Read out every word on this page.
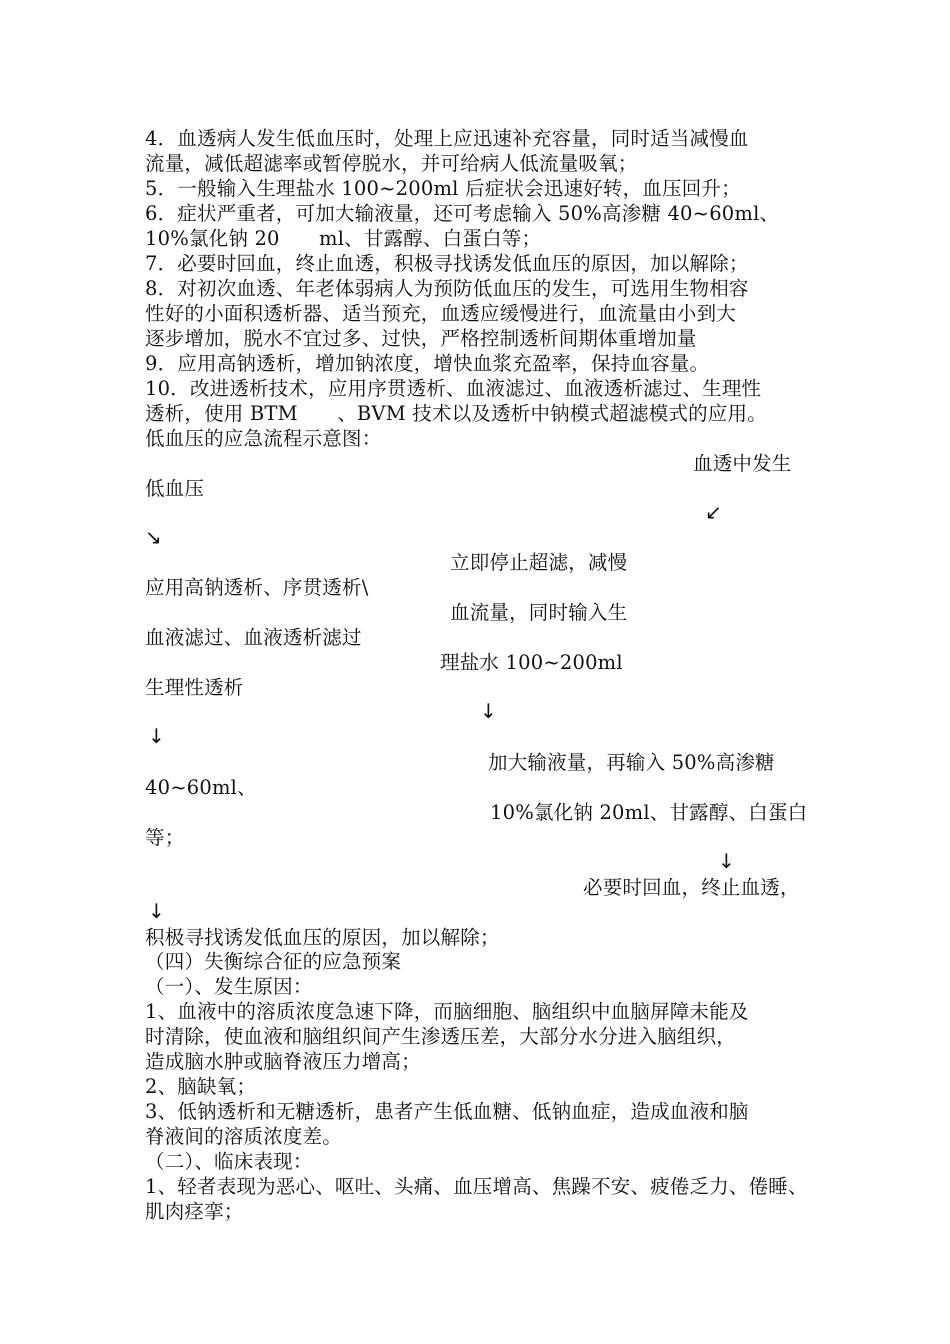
4．血透病人发生低血压时，处理上应迅速补充容量，同时适当减慢血
流量，减低超滤率或暂停脱水，并可给病人低流量吸氧；
5．一般输入生理盐水 100~200ml 后症状会迅速好转，血压回升；
6．症状严重者，可加大输液量，还可考虑输入 50%高渗糖 40~60ml、
10%氯化钠 20　　ml、甘露醇、白蛋白等；
7．必要时回血，终止血透，积极寻找诱发低血压的原因，加以解除；
8．对初次血透、年老体弱病人为预防低血压的发生，可选用生物相容
性好的小面积透析器、适当预充，血透应缓慢进行，血流量由小到大
逐步增加，脱水不宜过多、过快，严格控制透析间期体重增加量
9．应用高钠透析，增加钠浓度，增快血浆充盈率，保持血容量。
10．改进透析技术，应用序贯透析、血液滤过、血液透析滤过、生理性
透析，使用 BTM　　、BVM 技术以及透析中钠模式超滤模式的应用。
低血压的应急流程示意图：
血透中发生
低血压
↙
↘
立即停止超滤，减慢
应用高钠透析、序贯透析\
血流量，同时输入生
血液滤过、血液透析滤过
理盐水 100~200ml
生理性透析
↓
↓
加大输液量，再输入 50%高渗糖
40~60ml、
10%氯化钠 20ml、甘露醇、白蛋白
等；
↓
必要时回血，终止血透，
↓
积极寻找诱发低血压的原因，加以解除；
（四）失衡综合征的应急预案
（一）、发生原因：
1、血液中的溶质浓度急速下降，而脑细胞、脑组织中血脑屏障未能及
时清除，使血液和脑组织间产生渗透压差，大部分水分进入脑组织，
造成脑水肿或脑脊液压力增高；
2、脑缺氧；
3、低钠透析和无糖透析，患者产生低血糖、低钠血症，造成血液和脑
脊液间的溶质浓度差。
（二）、临床表现：
1、轻者表现为恶心、呕吐、头痛、血压增高、焦躁不安、疲倦乏力、倦睡、
肌肉痉挛；
